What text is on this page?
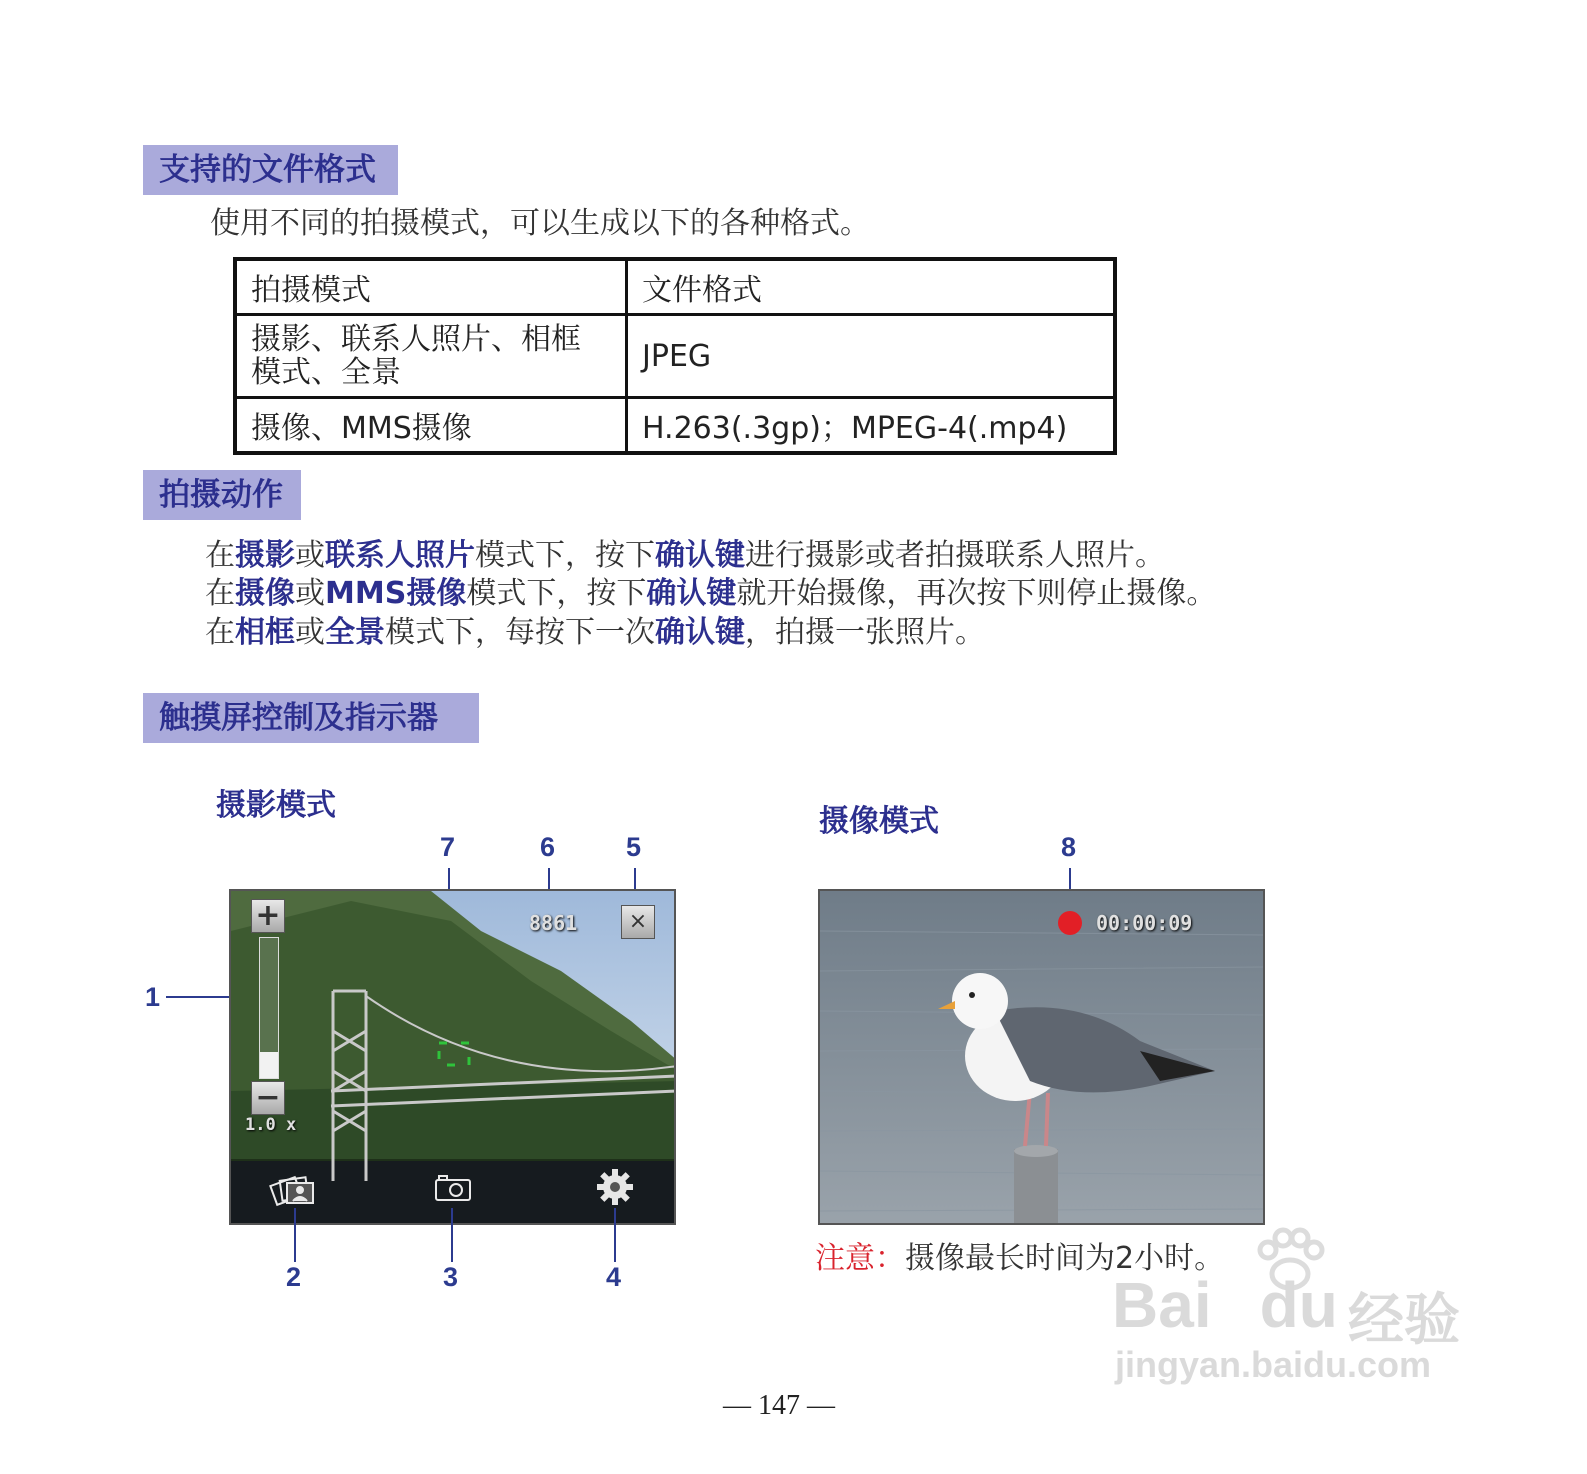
支持的文件格式
使用不同的拍摄模式，可以生成以下的各种格式。
拍摄模式	文件格式

摄影、联系人照片、相框
模式、全景	JPEG
摄像、MMS摄像	H.263(.3gp)；MPEG-4(.mp4)
拍摄动作
在摄影或联系人照片模式下，按下确认键进行摄影或者拍摄联系人照片。
在摄像或MMS摄像模式下，按下确认键就开始摄像，再次按下则停止摄像。
在相框或全景模式下，每按下一次确认键，拍摄一张照片。
触摸屏控制及指示器
摄影模式
7	6	5
1
+
−
1.0 x
8861	×
2	3	4
摄像模式
8
00:00:09
注意：摄像最长时间为2小时。
Bai du 经验
jingyan.baidu.com
— 147 —
